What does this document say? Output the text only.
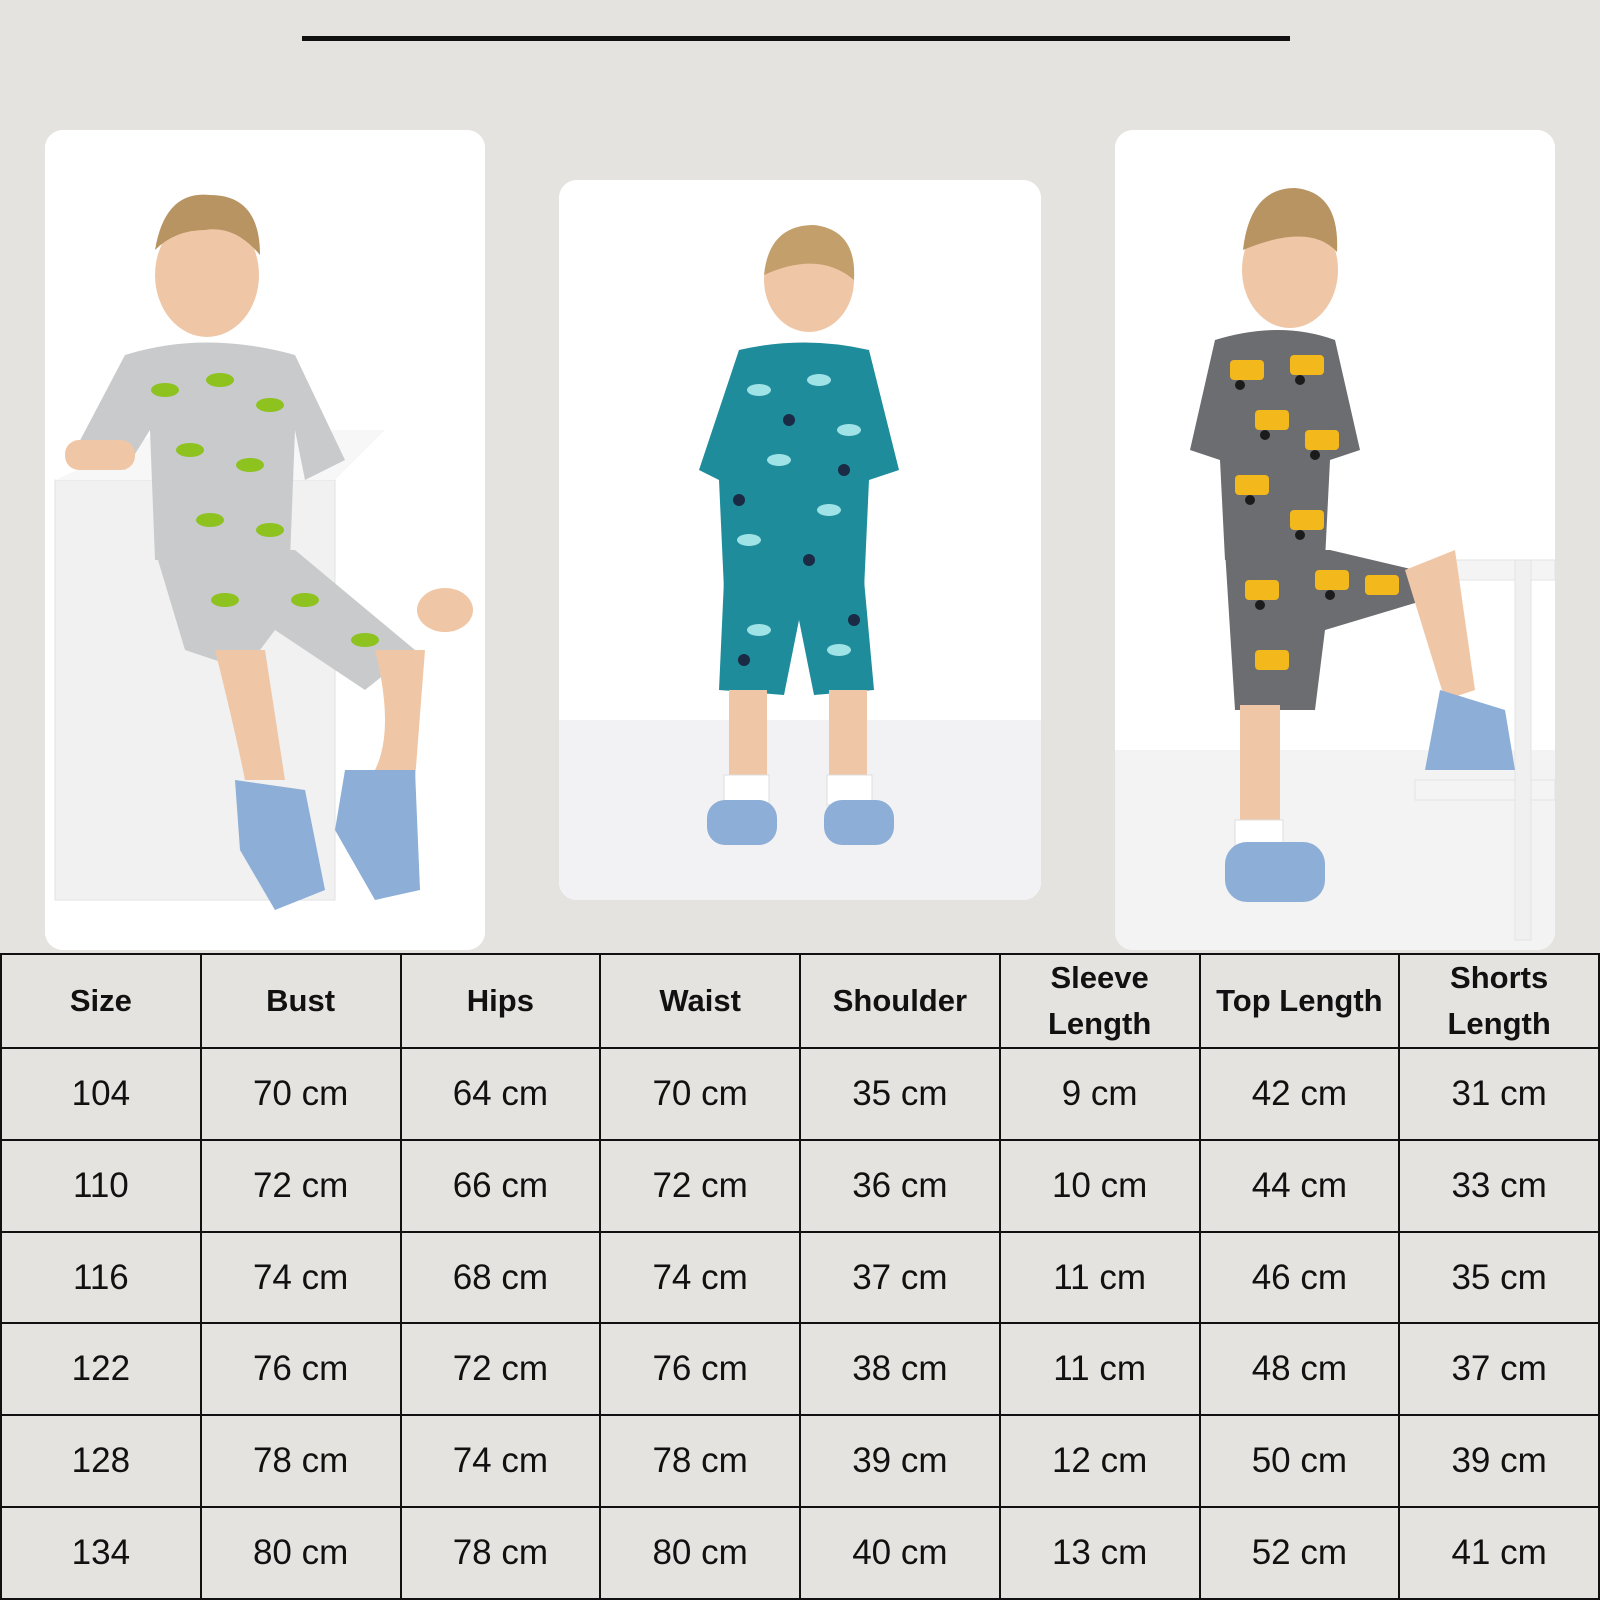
Size	Bust	Hips	Waist	Shoulder	Sleeve Length	Top Length	Shorts Length
104	70 cm	64 cm	70 cm	35 cm	9 cm	42 cm	31 cm
110	72 cm	66 cm	72 cm	36 cm	10 cm	44 cm	33 cm
116	74 cm	68 cm	74 cm	37 cm	11 cm	46 cm	35 cm
122	76 cm	72 cm	76 cm	38 cm	11 cm	48 cm	37 cm
128	78 cm	74 cm	78 cm	39 cm	12 cm	50 cm	39 cm
134	80 cm	78 cm	80 cm	40 cm	13 cm	52 cm	41 cm
